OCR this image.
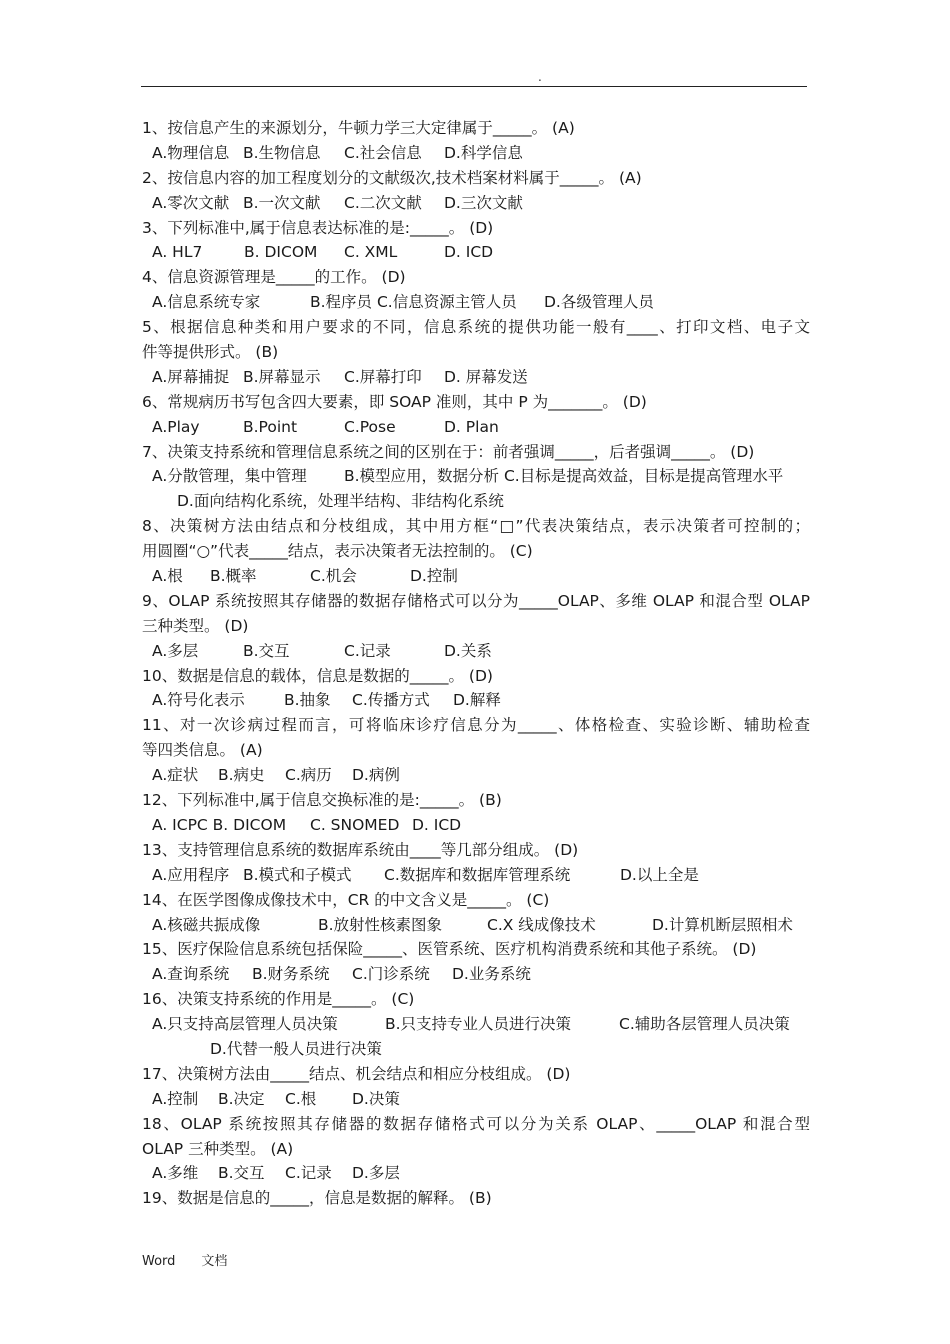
.
1、按信息产生的来源划分，牛顿力学三大定律属于_____。 (A)
A.物理信息 B.生物信息 C.社会信息 D.科学信息
2、按信息内容的加工程度划分的文献级次,技术档案材料属于_____。 (A)
A.零次文献 B.一次文献 C.二次文献 D.三次文献
3、下列标准中,属于信息表达标准的是:_____。 (D)
A. HL7	B. DICOM C. XML	D. ICD
4、信息资源管理是_____的工作。 (D)
A.信息系统专家	B.程序员 C.信息资源主管人员 D.各级管理人员
5、根据信息种类和用户要求的不同，信息系统的提供功能一般有____、打印文档、电子文
件等提供形式。 (B)
A.屏幕捕捉 B.屏幕显示 C.屏幕打印 D. 屏幕发送
6、常规病历书写包含四大要素，即 SOAP 准则，其中 P 为_______。 (D)
A.Play	B.Point	C.Pose	D. Plan
7、决策支持系统和管理信息系统之间的区别在于：前者强调_____，后者强调_____。 (D)
A.分散管理，集中管理 B.模型应用，数据分析 C.目标是提高效益，目标是提高管理水平
D.面向结构化系统，处理半结构、非结构化系统
8、决策树方法由结点和分枝组成，其中用方框“□”代表决策结点，表示决策者可控制的；
用圆圈“○”代表_____结点，表示决策者无法控制的。 (C)
A.根 B.概率	C.机会	D.控制
9、OLAP 系统按照其存储器的数据存储格式可以分为_____OLAP、多维 OLAP 和混合型 OLAP
三种类型。 (D)
A.多层	B.交互	C.记录	D.关系
10、数据是信息的载体，信息是数据的_____。 (D)
A.符号化表示	B.抽象 C.传播方式 D.解释
11、对一次诊病过程而言，可将临床诊疗信息分为_____、体格检查、实验诊断、辅助检查
等四类信息。 (A)
A.症状 B.病史 C.病历 D.病例
12、下列标准中,属于信息交换标准的是:_____。 (B)
A. ICPC B. DICOM C. SNOMED D. ICD
13、支持管理信息系统的数据库系统由____等几部分组成。 (D)
A.应用程序 B.模式和子模式 C.数据库和数据库管理系统	D.以上全是
14、在医学图像成像技术中，CR 的中文含义是_____。 (C)
A.核磁共振成像	B.放射性核素图象	C.X 线成像技术	D.计算机断层照相术
15、医疗保险信息系统包括保险_____、医管系统、医疗机构消费系统和其他子系统。 (D)
A.查询系统 B.财务系统 C.门诊系统 D.业务系统
16、决策支持系统的作用是_____。 (C)
A.只支持高层管理人员决策	B.只支持专业人员进行决策	C.辅助各层管理人员决策
D.代替一般人员进行决策
17、决策树方法由_____结点、机会结点和相应分枝组成。 (D)
A.控制 B.决定 C.根 D.决策
18、OLAP 系统按照其存储器的数据存储格式可以分为关系 OLAP、_____OLAP 和混合型
OLAP 三种类型。 (A)
A.多维 B.交互 C.记录 D.多层
19、数据是信息的_____，信息是数据的解释。 (B)
Word 文档
